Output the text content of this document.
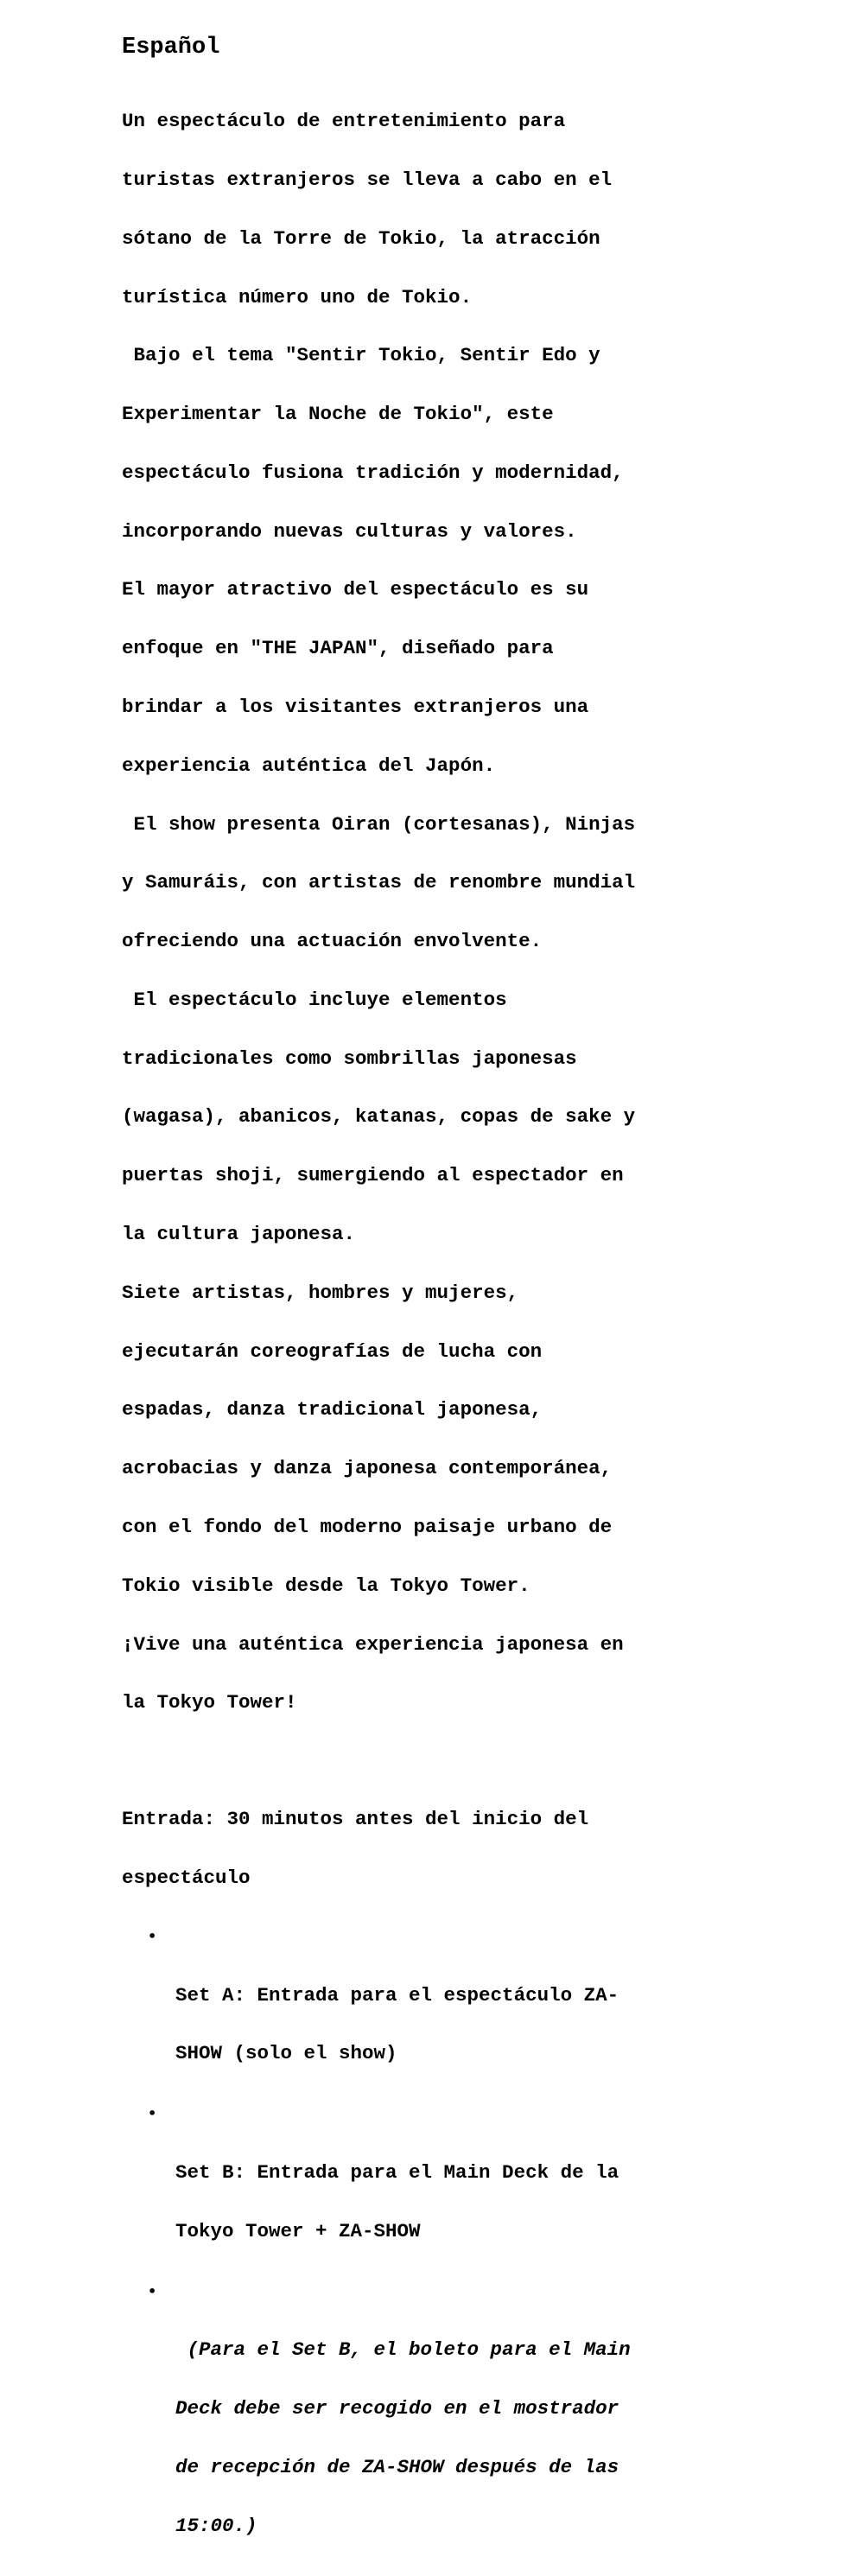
Español

Un espectáculo de entretenimiento para

turistas extranjeros se lleva a cabo en el

sótano de la Torre de Tokio, la atracción

turística número uno de Tokio.

Bajo el tema "Sentir Tokio, Sentir Edo y

Experimentar la Noche de Tokio", este

espectáculo fusiona tradición y modernidad,

incorporando nuevas culturas y valores.

El mayor atractivo del espectáculo es su

enfoque en "THE JAPAN", diseñado para

brindar a los visitantes extranjeros una

experiencia auténtica del Japón.

El show presenta Oiran (cortesanas), Ninjas

y Samuráis, con artistas de renombre mundial

ofreciendo una actuación envolvente.

El espectáculo incluye elementos

tradicionales como sombrillas japonesas

(wagasa), abanicos, katanas, copas de sake y

puertas shoji, sumergiendo al espectador en

la cultura japonesa.

Siete artistas, hombres y mujeres,

ejecutarán coreografías de lucha con

espadas, danza tradicional japonesa,

acrobacias y danza japonesa contemporánea,

con el fondo del moderno paisaje urbano de

Tokio visible desde la Tokyo Tower.

¡Vive una auténtica experiencia japonesa en

la Tokyo Tower!

Entrada: 30 minutos antes del inicio del

espectáculo

•

Set A: Entrada para el espectáculo ZA-

SHOW (solo el show)

•

Set B: Entrada para el Main Deck de la

Tokyo Tower + ZA-SHOW

•

(Para el Set B, el boleto para el Main

Deck debe ser recogido en el mostrador

de recepción de ZA-SHOW después de las

15:00.)
